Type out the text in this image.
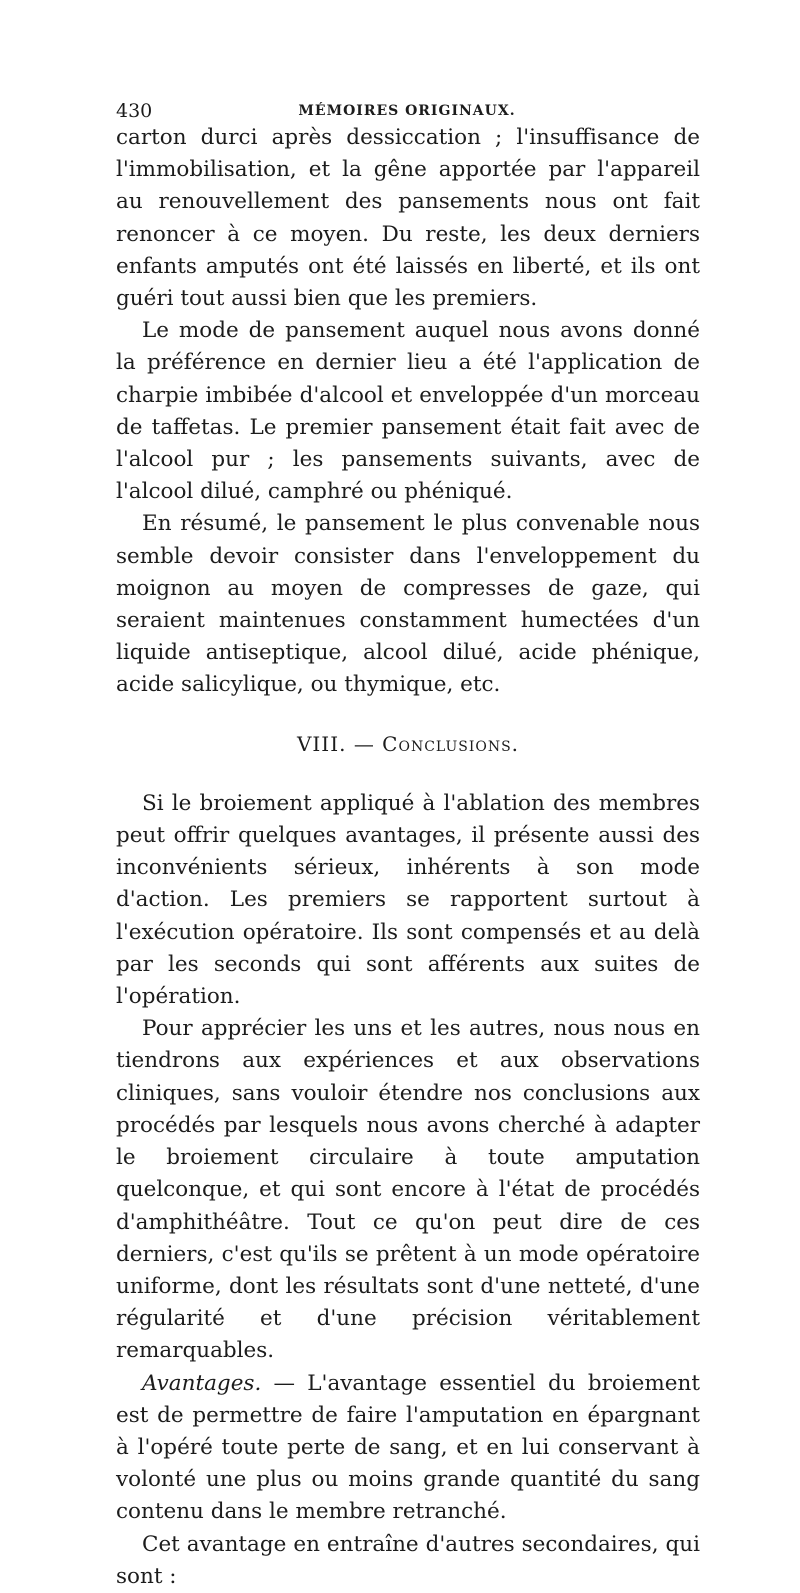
430	MÉMOIRES ORIGINAUX.

carton durci après dessiccation ; l'insuffisance de l'immobilisation, et la gêne apportée par l'appareil au renouvellement des pansements nous ont fait renoncer à ce moyen. Du reste, les deux derniers enfants amputés ont été laissés en liberté, et ils ont guéri tout aussi bien que les premiers.

Le mode de pansement auquel nous avons donné la préférence en dernier lieu a été l'application de charpie imbibée d'alcool et enveloppée d'un morceau de taffetas. Le premier pansement était fait avec de l'alcool pur ; les pansements suivants, avec de l'alcool dilué, camphré ou phéniqué.

En résumé, le pansement le plus convenable nous semble devoir consister dans l'enveloppement du moignon au moyen de compresses de gaze, qui seraient maintenues constamment humectées d'un liquide antiseptique, alcool dilué, acide phénique, acide salicylique, ou thymique, etc.

VIII. — Conclusions.

Si le broiement appliqué à l'ablation des membres peut offrir quelques avantages, il présente aussi des inconvénients sérieux, inhérents à son mode d'action. Les premiers se rapportent surtout à l'exécution opératoire. Ils sont compensés et au delà par les seconds qui sont afférents aux suites de l'opération.

Pour apprécier les uns et les autres, nous nous en tiendrons aux expériences et aux observations cliniques, sans vouloir étendre nos conclusions aux procédés par lesquels nous avons cherché à adapter le broiement circulaire à toute amputation quelconque, et qui sont encore à l'état de procédés d'amphithéâtre. Tout ce qu'on peut dire de ces derniers, c'est qu'ils se prêtent à un mode opératoire uniforme, dont les résultats sont d'une netteté, d'une régularité et d'une précision véritablement remarquables.

Avantages. — L'avantage essentiel du broiement est de permettre de faire l'amputation en épargnant à l'opéré toute perte de sang, et en lui conservant à volonté une plus ou moins grande quantité du sang contenu dans le membre retranché.

Cet avantage en entraîne d'autres secondaires, qui sont :
